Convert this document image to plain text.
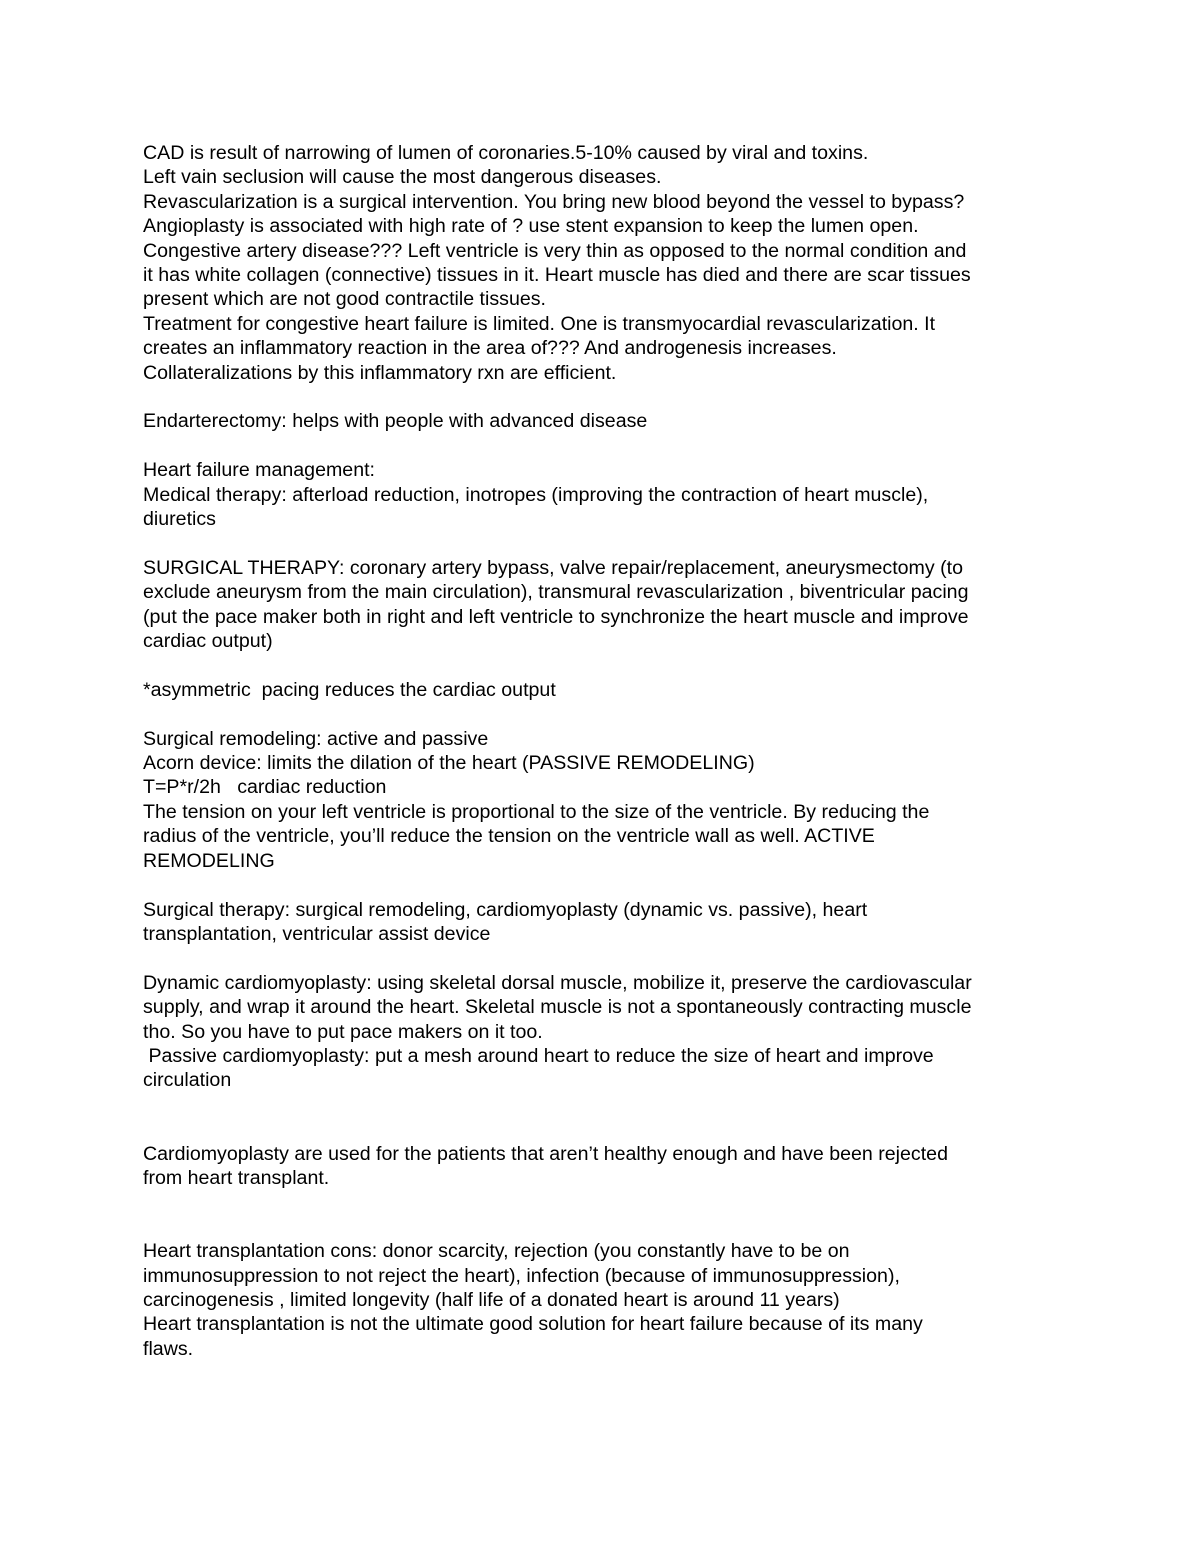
CAD is result of narrowing of lumen of coronaries.5-10% caused by viral and toxins.
Left vain seclusion will cause the most dangerous diseases.
Revascularization is a surgical intervention. You bring new blood beyond the vessel to bypass?
Angioplasty is associated with high rate of ? use stent expansion to keep the lumen open.
Congestive artery disease??? Left ventricle is very thin as opposed to the normal condition and
it has white collagen (connective) tissues in it. Heart muscle has died and there are scar tissues
present which are not good contractile tissues.
Treatment for congestive heart failure is limited. One is transmyocardial revascularization. It
creates an inflammatory reaction in the area of??? And androgenesis increases.
Collateralizations by this inflammatory rxn are efficient.
Endarterectomy: helps with people with advanced disease
Heart failure management:
Medical therapy: afterload reduction, inotropes (improving the contraction of heart muscle),
diuretics
SURGICAL THERAPY: coronary artery bypass, valve repair/replacement, aneurysmectomy (to
exclude aneurysm from the main circulation), transmural revascularization , biventricular pacing
(put the pace maker both in right and left ventricle to synchronize the heart muscle and improve
cardiac output)
*asymmetric  pacing reduces the cardiac output
Surgical remodeling: active and passive
Acorn device: limits the dilation of the heart (PASSIVE REMODELING)
T=P*r/2h   cardiac reduction
The tension on your left ventricle is proportional to the size of the ventricle. By reducing the
radius of the ventricle, you’ll reduce the tension on the ventricle wall as well. ACTIVE
REMODELING
Surgical therapy: surgical remodeling, cardiomyoplasty (dynamic vs. passive), heart
transplantation, ventricular assist device
Dynamic cardiomyoplasty: using skeletal dorsal muscle, mobilize it, preserve the cardiovascular
supply, and wrap it around the heart. Skeletal muscle is not a spontaneously contracting muscle
tho. So you have to put pace makers on it too.
Passive cardiomyoplasty: put a mesh around heart to reduce the size of heart and improve
circulation
Cardiomyoplasty are used for the patients that aren’t healthy enough and have been rejected
from heart transplant.
Heart transplantation cons: donor scarcity, rejection (you constantly have to be on
immunosuppression to not reject the heart), infection (because of immunosuppression),
carcinogenesis , limited longevity (half life of a donated heart is around 11 years)
Heart transplantation is not the ultimate good solution for heart failure because of its many
flaws.
